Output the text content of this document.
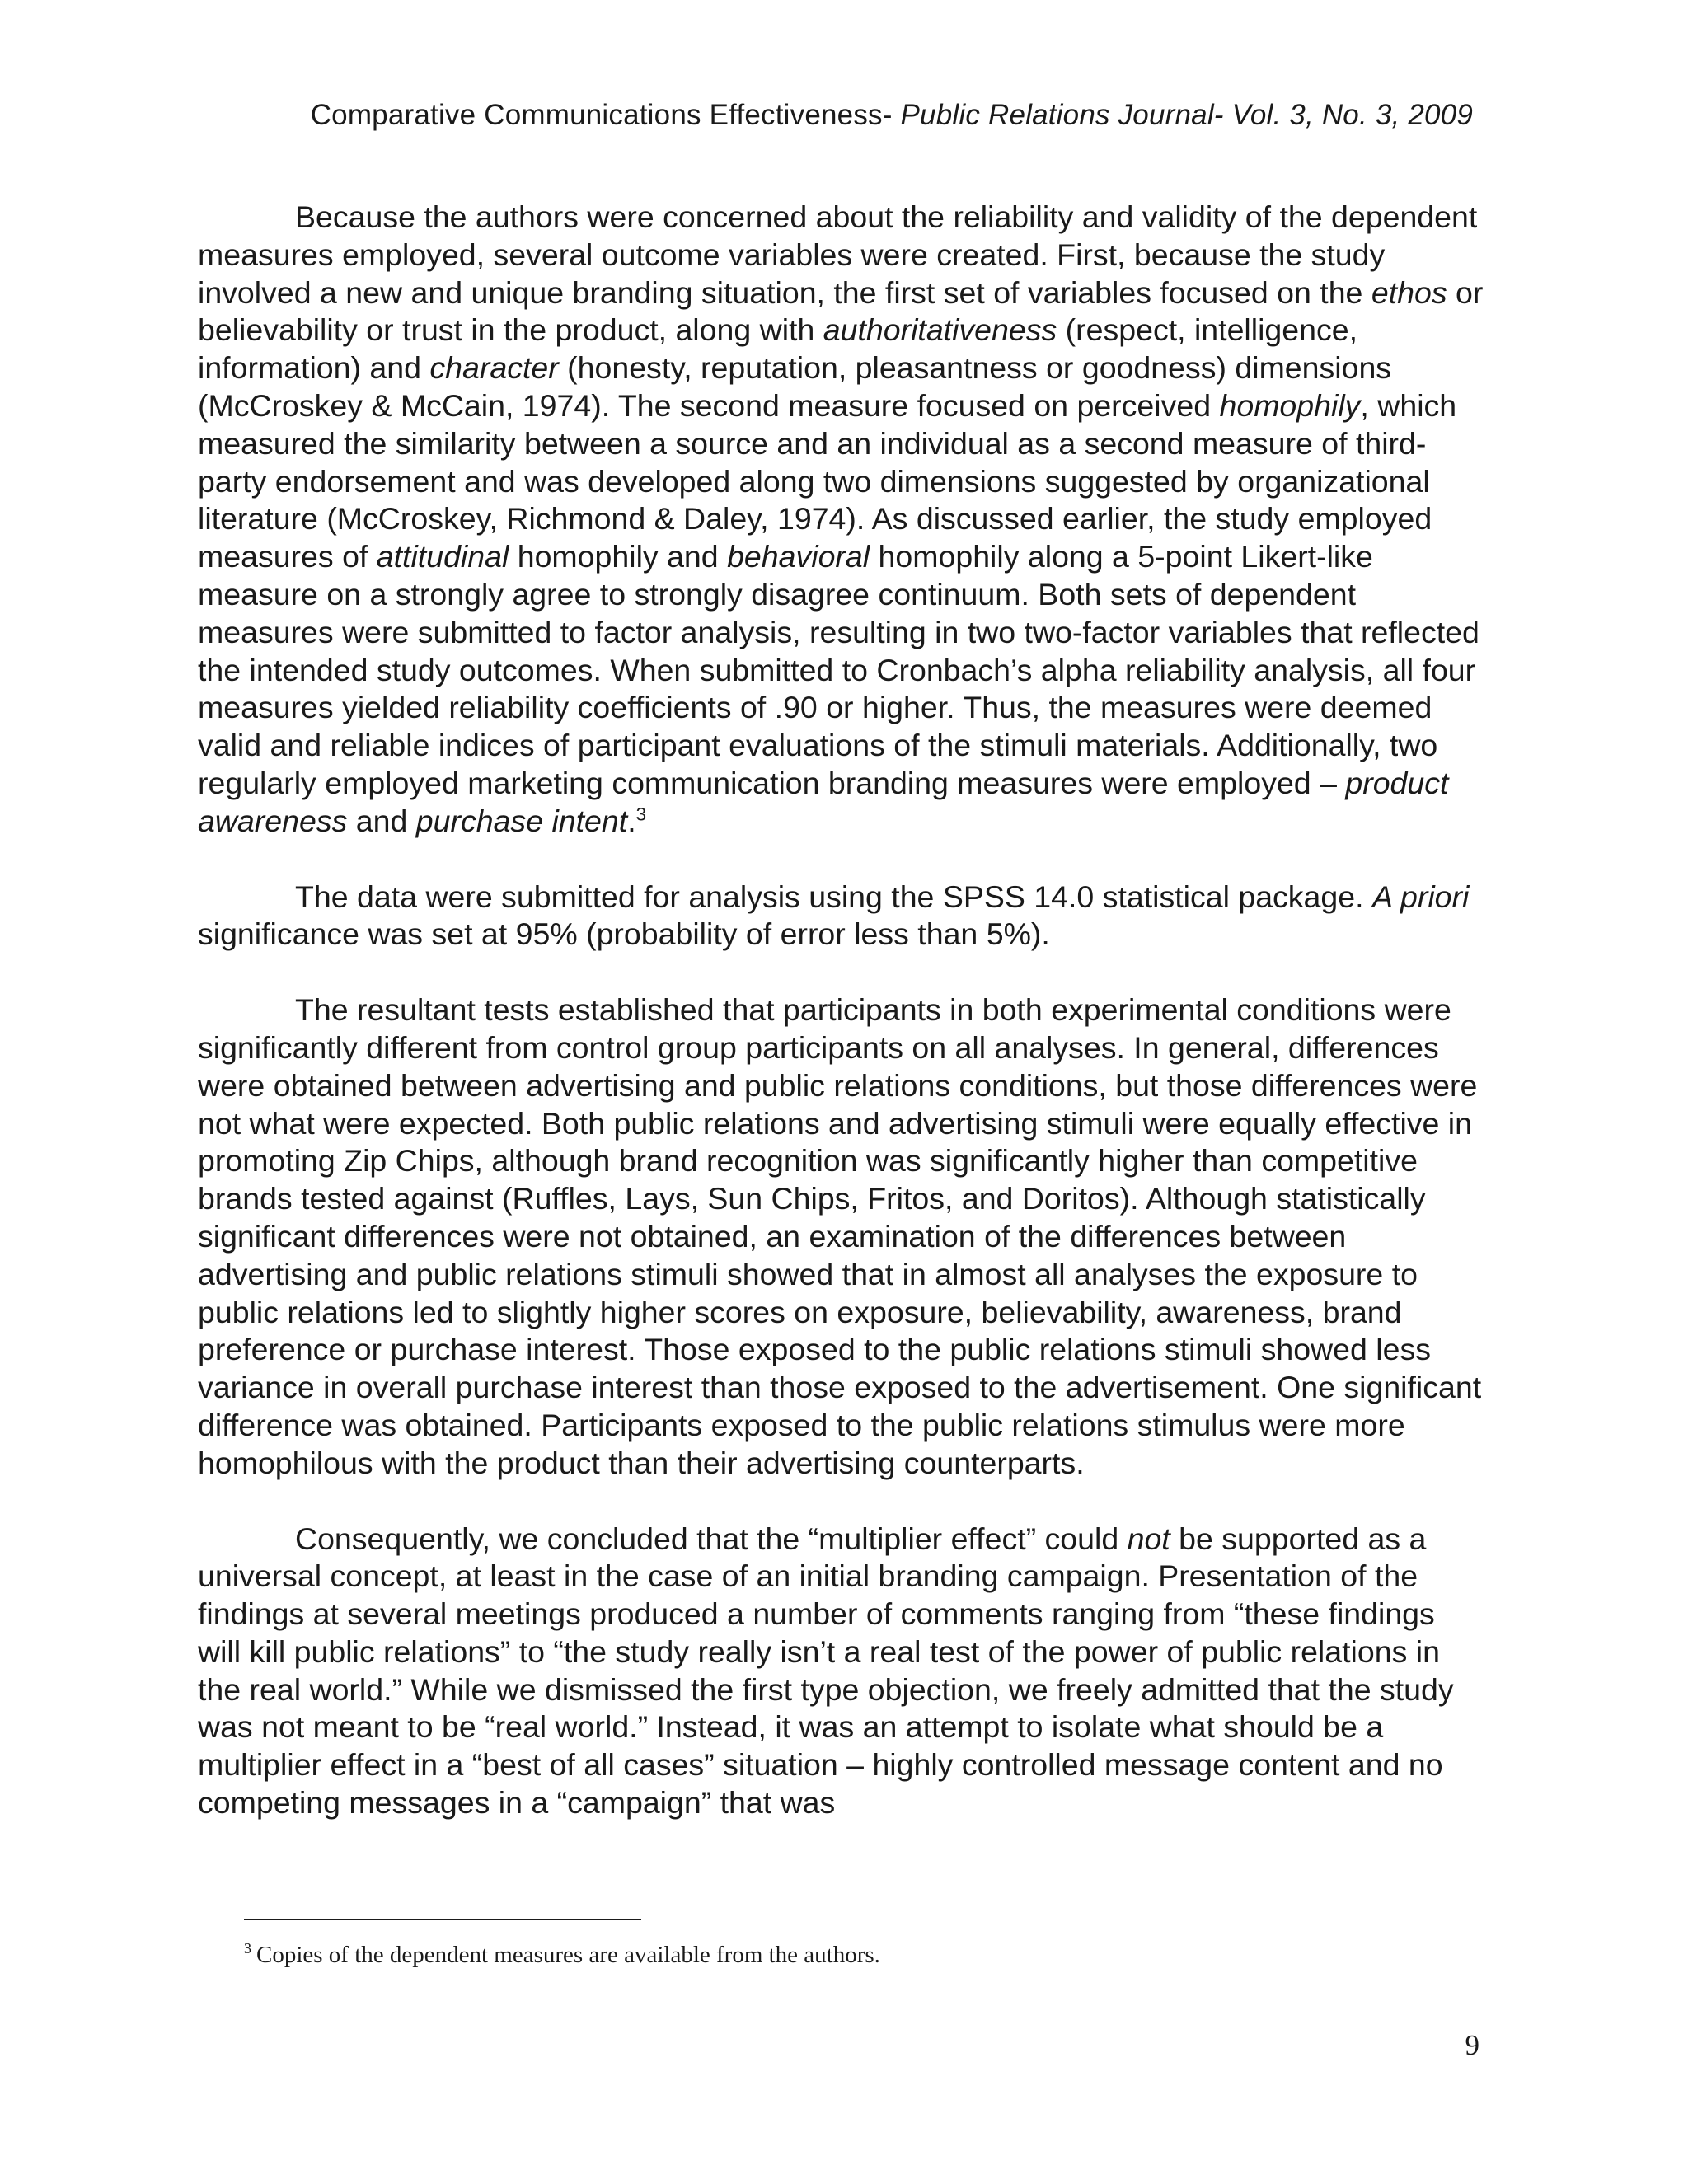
Comparative Communications Effectiveness- Public Relations Journal- Vol. 3, No. 3, 2009

Because the authors were concerned about the reliability and validity of the dependent measures employed, several outcome variables were created. First, because the study involved a new and unique branding situation, the first set of variables focused on the ethos or believability or trust in the product, along with authoritativeness (respect, intelligence, information) and character (honesty, reputation, pleasantness or goodness) dimensions (McCroskey & McCain, 1974). The second measure focused on perceived homophily, which measured the similarity between a source and an individual as a second measure of third-party endorsement and was developed along two dimensions suggested by organizational literature (McCroskey, Richmond & Daley, 1974). As discussed earlier, the study employed measures of attitudinal homophily and behavioral homophily along a 5-point Likert-like measure on a strongly agree to strongly disagree continuum. Both sets of dependent measures were submitted to factor analysis, resulting in two two-factor variables that reflected the intended study outcomes. When submitted to Cronbach’s alpha reliability analysis, all four measures yielded reliability coefficients of .90 or higher. Thus, the measures were deemed valid and reliable indices of participant evaluations of the stimuli materials. Additionally, two regularly employed marketing communication branding measures were employed – product awareness and purchase intent.$^3$

The data were submitted for analysis using the SPSS 14.0 statistical package. A priori significance was set at 95% (probability of error less than 5%).

The resultant tests established that participants in both experimental conditions were significantly different from control group participants on all analyses. In general, differences were obtained between advertising and public relations conditions, but those differences were not what were expected. Both public relations and advertising stimuli were equally effective in promoting Zip Chips, although brand recognition was significantly higher than competitive brands tested against (Ruffles, Lays, Sun Chips, Fritos, and Doritos). Although statistically significant differences were not obtained, an examination of the differences between advertising and public relations stimuli showed that in almost all analyses the exposure to public relations led to slightly higher scores on exposure, believability, awareness, brand preference or purchase interest. Those exposed to the public relations stimuli showed less variance in overall purchase interest than those exposed to the advertisement. One significant difference was obtained. Participants exposed to the public relations stimulus were more homophilous with the product than their advertising counterparts.

Consequently, we concluded that the “multiplier effect” could not be supported as a universal concept, at least in the case of an initial branding campaign. Presentation of the findings at several meetings produced a number of comments ranging from “these findings will kill public relations” to “the study really isn’t a real test of the power of public relations in the real world.” While we dismissed the first type objection, we freely admitted that the study was not meant to be “real world.” Instead, it was an attempt to isolate what should be a multiplier effect in a “best of all cases” situation – highly controlled message content and no competing messages in a “campaign” that was

$^3$ Copies of the dependent measures are available from the authors.
9
